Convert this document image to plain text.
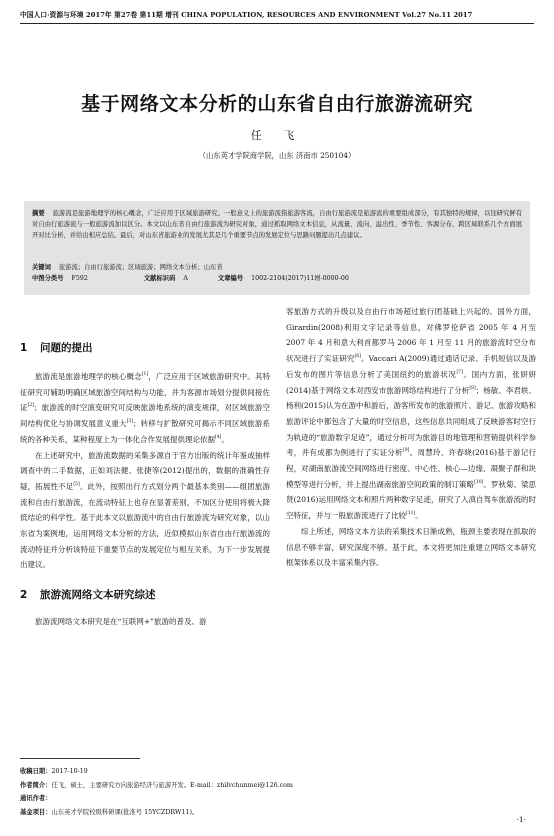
中国人口·资源与环境 2017年 第27卷 第11期 增刊 CHINA POPULATION, RESOURCES AND ENVIRONMENT Vol.27 No.11 2017
基于网络文本分析的山东省自由行旅游流研究
任 飞
（山东英才学院商学院，山东 济南市 250104）
摘要 旅游流是旅游地理学的核心概念，广泛应用于区域旅游研究。一般意义上的旅游流指旅游客流，自由行旅游流是旅游流的重要组成部分，有其独特的规律，以往研究鲜有对自由行旅游流与一般旅游流加以区分。本文以山东省自由行旅游流为研究对象，通过抓取网络文本信息，从流量、流向、溢出性、季节性、客源分布、跨区域联系几个方面展开对比分析，并给出相应总结。最后，对山东省旅游业的发展尤其是几个重要节点的发展定位与思路问题提出几点建议。
关键词 旅游流；自由行旅游流；区域旅游；网络文本分析；山东省
中图分类号 F592	文献标识码 A	文章编号 1002-2104(2017)11增-0000-00
1 问题的提出

旅游流是旅游地理学的核心概念[1]，广泛应用于区域旅游研究中。其特征研究可辅助明确区域旅游空间结构与功能，并为客源市场划分提供间接佐证[2]；旅游流的时空演变研究可反映旅游地系统的演变规律，对区域旅游空间结构优化与协调发展意义重大[3]；转移与扩散研究可揭示不同区域旅游系统的各种关系，某种程度上为一体化合作发展提供理论依据[4]。

在上述研究中，旅游流数据的采集多源自于官方出版的统计年鉴或抽样调查中的二手数据，正如刘法健、张捷等(2012)提出的，数据的准确性存疑，拓展性不足[5]。此外，按照出行方式划分两个最基本类别——组团旅游流和自由行旅游流，在流动特征上也存在显著差别，不加区分使用将极大降低结论的科学性。基于此本文以旅游流中的自由行旅游流为研究对象，以山东省为案例地，运用网络文本分析的方法，近似模拟山东省自由行旅游流的流动特征并分析该特征下重要节点的发展定位与相互关系，为下一步发展提出建议。

2 旅游流网络文本研究综述

旅游流网络文本研究是在“互联网+”旅游的普及、游

客旅游方式的升级以及自由行市场超过旅行团基础上兴起的。国外方面，Girardin(2008)利用文字记录等信息，对佛罗伦萨省 2005 年 4 月至 2007 年 4 月和意大利首都罗马 2006 年 1 月至 11 月的旅游流时空分布状况进行了实证研究[6]。Vaccari A(2009)通过通话记录、手机短信以及游后发布的图片等信息分析了美国纽约的旅游状况[7]。国内方面，张妍妍(2014)基于网络文本对西安市旅游网络结构进行了分析[8]；杨敏、李君轶、杨利(2015)认为在游中和游后，游客所发布的旅游照片、游记、旅游攻略和旅游评论中都包含了大量的时空信息，这些信息共同组成了反映游客时空行为轨迹的“旅游数字足迹”，通过分析可为旅游目的地管理和营销提供科学参考，并有成都为例进行了实证分析[9]。周慧玲、许春晓(2016)基于游记行程，对湖南旅游流空间网络进行密度、中心性、核心—边缘、凝聚子群和块模型等进行分析，并上提出湖南旅游空间政策的制订策略[10]。罗秋菊、梁思贤(2016)运用网络文本和照片两种数字足迹，研究了入滇自驾车旅游流的时空特征，并与一般旅游流进行了比较[11]。

综上所述，网络文本方法的采集技术日渐成熟，瓶颈主要表现在抓取的信息不够丰富，研究深度不够。基于此，本文将更加注重建立网络文本研究框架体系以及丰富采集内容。

收稿日期：2017-10-19
作者简介：任飞，硕士，主要研究方向旅游经济与旅游开发。E-mail：zhilvchunmei@126.com
通讯作者：
基金项目：山东英才学院校级科研课(批准号 15YCZDRW11)。
·1·
